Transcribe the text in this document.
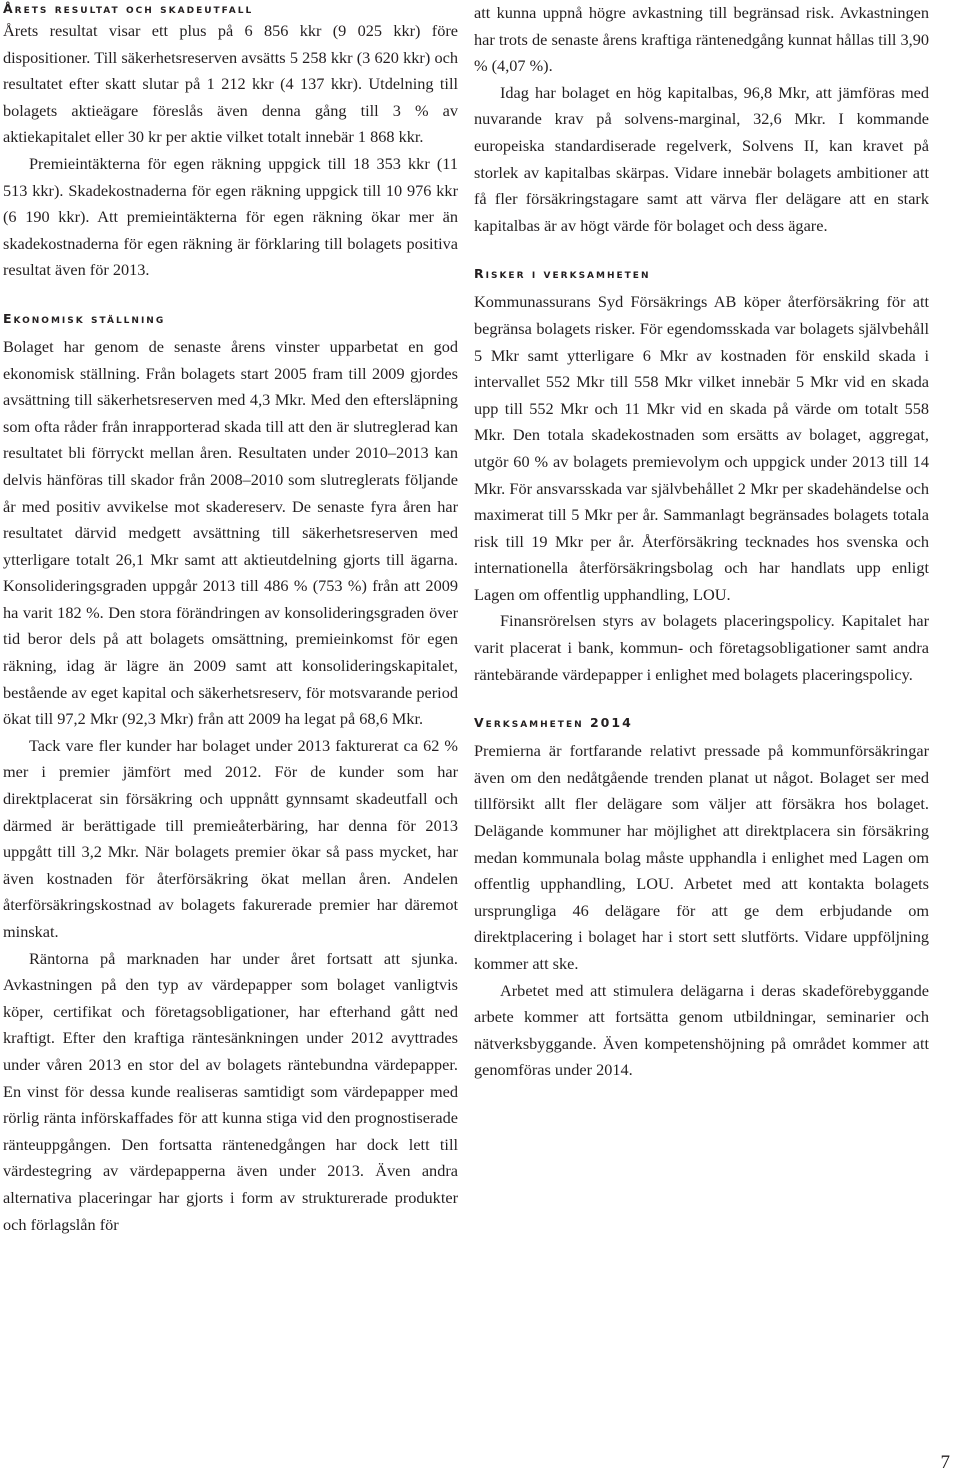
Årets resultat och skadeutfall

Årets resultat visar ett plus på 6 856 kkr (9 025 kkr) före dispositioner. Till säkerhetsreserven avsätts 5 258 kkr (3 620 kkr) och resultatet efter skatt slutar på 1 212 kkr (4 137 kkr). Utdelning till bolagets aktieägare föreslås även denna gång till 3 % av aktiekapitalet eller 30 kr per aktie vilket totalt innebär 1 868 kkr.

Premieintäkterna för egen räkning uppgick till 18 353 kkr (11 513 kkr). Skadekostnaderna för egen räkning uppgick till 10 976 kkr (6 190 kkr). Att premieintäkterna för egen räkning ökar mer än skadekostnaderna för egen räkning är förklaring till bolagets positiva resultat även för 2013.

Ekonomisk ställning

Bolaget har genom de senaste årens vinster upparbetat en god ekonomisk ställning. Från bolagets start 2005 fram till 2009 gjordes avsättning till säkerhetsreserven med 4,3 Mkr. Med den eftersläpning som ofta råder från inrapporterad skada till att den är slutreglerad kan resultatet bli förryckt mellan åren. Resultaten under 2010–2013 kan delvis hänföras till skador från 2008–2010 som slutreglerats följande år med positiv avvikelse mot skadereserv. De senaste fyra åren har resultatet därvid medgett avsättning till säkerhetsreserven med ytterligare totalt 26,1 Mkr samt att aktieutdelning gjorts till ägarna. Konsolideringsgraden uppgår 2013 till 486 % (753 %) från att 2009 ha varit 182 %. Den stora förändringen av konsolideringsgraden över tid beror dels på att bolagets omsättning, premieinkomst för egen räkning, idag är lägre än 2009 samt att konsolideringskapitalet, bestående av eget kapital och säkerhetsreserv, för motsvarande period ökat till 97,2 Mkr (92,3 Mkr) från att 2009 ha legat på 68,6 Mkr.

Tack vare fler kunder har bolaget under 2013 fakturerat ca 62 % mer i premier jämfört med 2012. För de kunder som har direktplacerat sin försäkring och uppnått gynnsamt skadeutfall och därmed är berättigade till premieåterbäring, har denna för 2013 uppgått till 3,2 Mkr. När bolagets premier ökar så pass mycket, har även kostnaden för återförsäkring ökat mellan åren. Andelen återförsäkringskostnad av bolagets fakurerade premier har däremot minskat.

Räntorna på marknaden har under året fortsatt att sjunka. Avkastningen på den typ av värdepapper som bolaget vanligtvis köper, certifikat och företagsobligationer, har efterhand gått ned kraftigt. Efter den kraftiga räntesänkningen under 2012 avyttrades under våren 2013 en stor del av bolagets räntebundna värdepapper. En vinst för dessa kunde realiseras samtidigt som värdepapper med rörlig ränta införskaffades för att kunna stiga vid den prognostiserade ränteuppgången. Den fortsatta räntenedgången har dock lett till värdestegring av värdepapperna även under 2013. Även andra alternativa placeringar har gjorts i form av strukturerade produkter och förlagslån för

att kunna uppnå högre avkastning till begränsad risk. Avkastningen har trots de senaste årens kraftiga räntenedgång kunnat hållas till 3,90 % (4,07 %).

Idag har bolaget en hög kapitalbas, 96,8 Mkr, att jämföras med nuvarande krav på solvens-marginal, 32,6 Mkr. I kommande europeiska standardiserade regelverk, Solvens II, kan kravet på storlek av kapitalbas skärpas. Vidare innebär bolagets ambitioner att få fler försäkringstagare samt att värva fler delägare att en stark kapitalbas är av högt värde för bolaget och dess ägare.

Risker i verksamheten

Kommunassurans Syd Försäkrings AB köper återförsäkring för att begränsa bolagets risker. För egendomsskada var bolagets självbehåll 5 Mkr samt ytterligare 6 Mkr av kostnaden för enskild skada i intervallet 552 Mkr till 558 Mkr vilket innebär 5 Mkr vid en skada upp till 552 Mkr och 11 Mkr vid en skada på värde om totalt 558 Mkr. Den totala skadekostnaden som ersätts av bolaget, aggregat, utgör 60 % av bolagets premievolym och uppgick under 2013 till 14 Mkr. För ansvarsskada var självbehållet 2 Mkr per skadehändelse och maximerat till 5 Mkr per år. Sammanlagt begränsades bolagets totala risk till 19 Mkr per år. Återförsäkring tecknades hos svenska och internationella återförsäkringsbolag och har handlats upp enligt Lagen om offentlig upphandling, LOU.

Finansrörelsen styrs av bolagets placeringspolicy. Kapitalet har varit placerat i bank, kommun- och företagsobligationer samt andra räntebärande värdepapper i enlighet med bolagets placeringspolicy.

Verksamheten 2014

Premierna är fortfarande relativt pressade på kommunförsäkringar även om den nedåtgående trenden planat ut något. Bolaget ser med tillförsikt allt fler delägare som väljer att försäkra hos bolaget. Delägande kommuner har möjlighet att direktplacera sin försäkring medan kommunala bolag måste upphandla i enlighet med Lagen om offentlig upphandling, LOU. Arbetet med att kontakta bolagets ursprungliga 46 delägare för att ge dem erbjudande om direktplacering i bolaget har i stort sett slutförts. Vidare uppföljning kommer att ske.

Arbetet med att stimulera delägarna i deras skadeförebyggande arbete kommer att fortsätta genom utbildningar, seminarier och nätverksbyggande. Även kompetenshöjning på området kommer att genomföras under 2014.

7
